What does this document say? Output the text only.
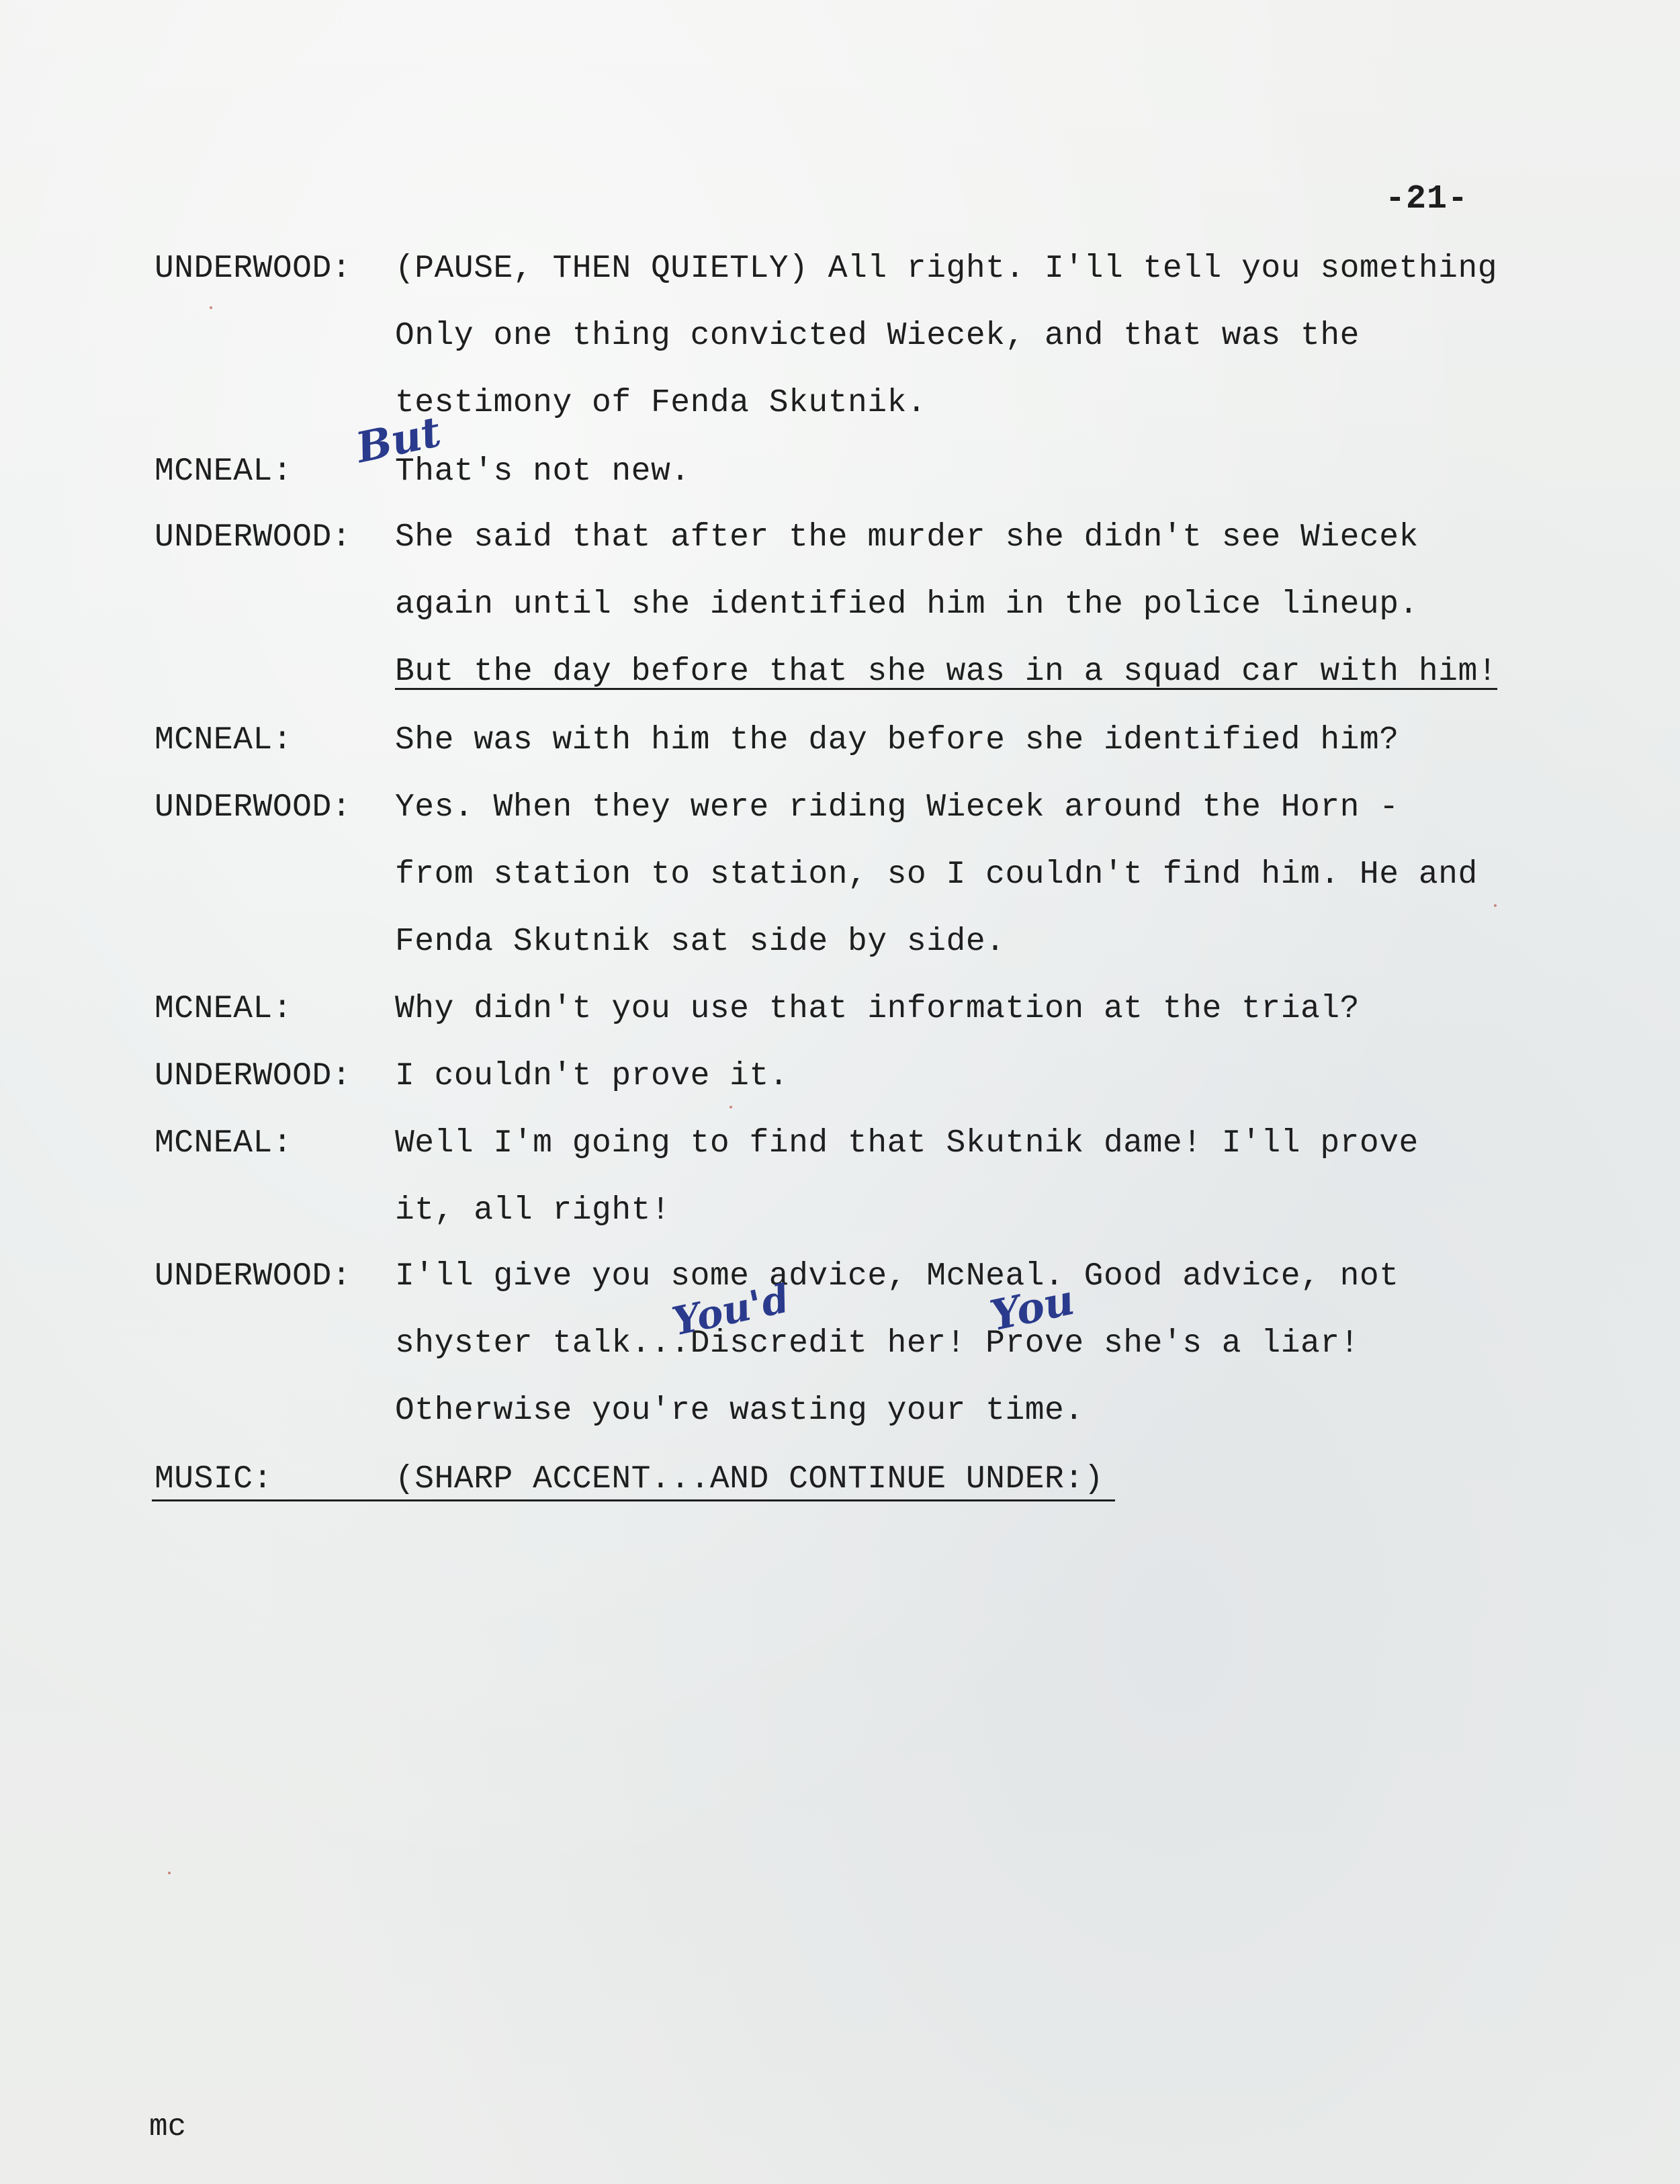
-21-
UNDERWOOD: (PAUSE, THEN QUIETLY) All right. I'll tell you something
Only one thing convicted Wiecek, and that was the
testimony of Fenda Skutnik.
MCNEAL:	That's not new.
UNDERWOOD: She said that after the murder she didn't see Wiecek
again until she identified him in the police lineup.
But the day before that she was in a squad car with him!
MCNEAL:	She was with him the day before she identified him?
UNDERWOOD: Yes. When they were riding Wiecek around the Horn -
from station to station, so I couldn't find him. He and
Fenda Skutnik sat side by side.
MCNEAL:	Why didn't you use that information at the trial?
UNDERWOOD: I couldn't prove it.
MCNEAL:	Well I'm going to find that Skutnik dame! I'll prove
it, all right!
UNDERWOOD: I'll give you some advice, McNeal. Good advice, not
shyster talk...Discredit her! Prove she's a liar!
Otherwise you're wasting your time.
MUSIC:	(SHARP ACCENT...AND CONTINUE UNDER:)
But
You'd	You
mc
